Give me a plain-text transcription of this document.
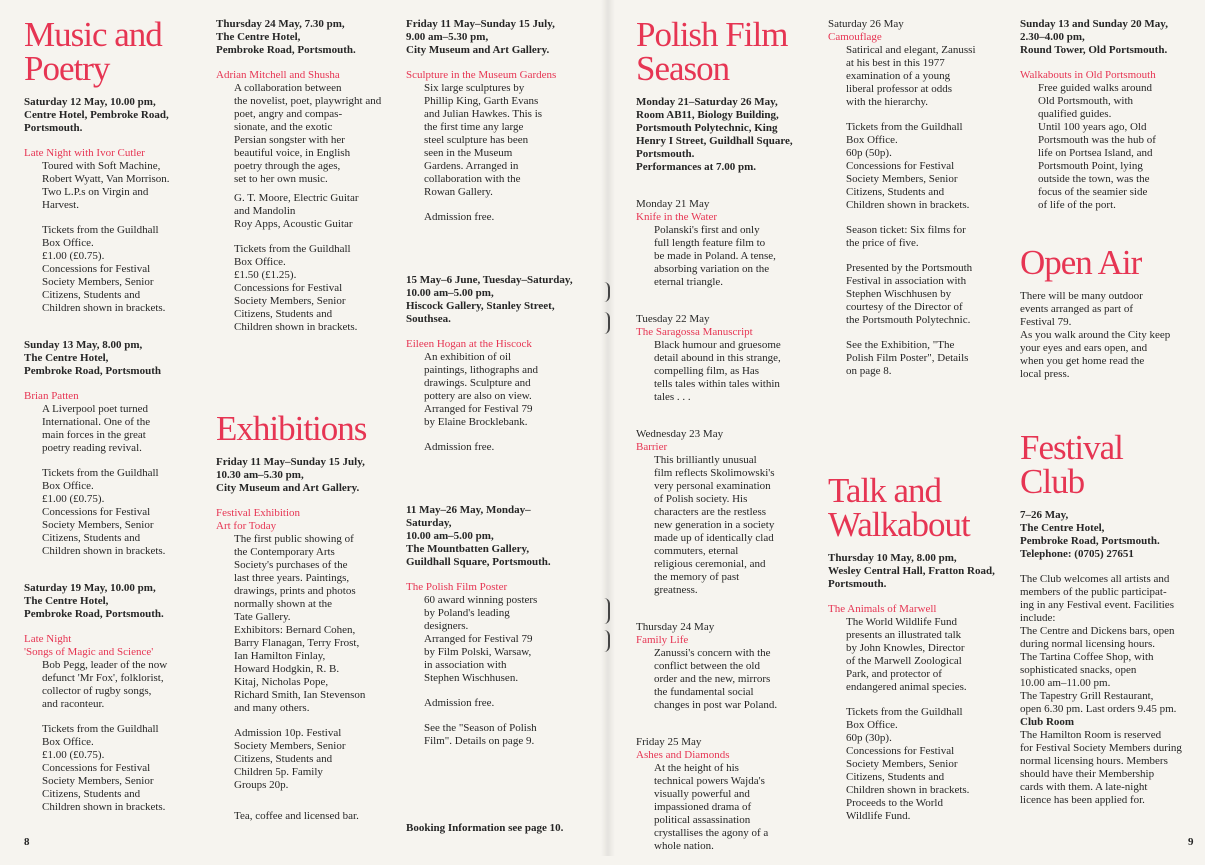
Music and
Poetry

Saturday 12 May, 10.00 pm,
Centre Hotel, Pembroke Road,
Portsmouth.

Late Night with Ivor Cutler

Toured with Soft Machine,
Robert Wyatt, Van Morrison.
Two L.P.s on Virgin and
Harvest.

Tickets from the Guildhall
Box Office.
£1.00 (£0.75).
Concessions for Festival
Society Members, Senior
Citizens, Students and
Children shown in brackets.

Sunday 13 May, 8.00 pm,
The Centre Hotel,
Pembroke Road, Portsmouth

Brian Patten

A Liverpool poet turned
International. One of the
main forces in the great
poetry reading revival.

Tickets from the Guildhall
Box Office.
£1.00 (£0.75).
Concessions for Festival
Society Members, Senior
Citizens, Students and
Children shown in brackets.

Saturday 19 May, 10.00 pm,
The Centre Hotel,
Pembroke Road, Portsmouth.

Late Night
'Songs of Magic and Science'

Bob Pegg, leader of the now
defunct 'Mr Fox', folklorist,
collector of rugby songs,
and raconteur.

Tickets from the Guildhall
Box Office.
£1.00 (£0.75).
Concessions for Festival
Society Members, Senior
Citizens, Students and
Children shown in brackets.

Thursday 24 May, 7.30 pm,
The Centre Hotel,
Pembroke Road, Portsmouth.

Adrian Mitchell and Shusha

A collaboration between
the novelist, poet, playwright and
poet, angry and compas-
sionate, and the exotic
Persian songster with her
beautiful voice, in English
poetry through the ages,
set to her own music.

G. T. Moore, Electric Guitar
and Mandolin
Roy Apps, Acoustic Guitar

Tickets from the Guildhall
Box Office.
£1.50 (£1.25).
Concessions for Festival
Society Members, Senior
Citizens, Students and
Children shown in brackets.

Exhibitions

Friday 11 May–Sunday 15 July,
10.30 am–5.30 pm,
City Museum and Art Gallery.

Festival Exhibition
Art for Today

The first public showing of
the Contemporary Arts
Society's purchases of the
last three years. Paintings,
drawings, prints and photos
normally shown at the
Tate Gallery.
Exhibitors: Bernard Cohen,
Barry Flanagan, Terry Frost,
Ian Hamilton Finlay,
Howard Hodgkin, R. B.
Kitaj, Nicholas Pope,
Richard Smith, Ian Stevenson
and many others.

Admission 10p. Festival
Society Members, Senior
Citizens, Students and
Children 5p. Family
Groups 20p.

Tea, coffee and licensed bar.

Friday 11 May–Sunday 15 July,
9.00 am–5.30 pm,
City Museum and Art Gallery.

Sculpture in the Museum Gardens

Six large sculptures by
Phillip King, Garth Evans
and Julian Hawkes. This is
the first time any large
steel sculpture has been
seen in the Museum
Gardens. Arranged in
collaboration with the
Rowan Gallery.

Admission free.

15 May–6 June, Tuesday–Saturday,
10.00 am–5.00 pm,
Hiscock Gallery, Stanley Street,
Southsea.

Eileen Hogan at the Hiscock

An exhibition of oil
paintings, lithographs and
drawings. Sculpture and
pottery are also on view.
Arranged for Festival 79
by Elaine Brocklebank.

Admission free.

11 May–26 May, Monday–
Saturday,
10.00 am–5.00 pm,
The Mountbatten Gallery,
Guildhall Square, Portsmouth.

The Polish Film Poster

60 award winning posters
by Poland's leading
designers.
Arranged for Festival 79
by Film Polski, Warsaw,
in association with
Stephen Wischhusen.

Admission free.

See the "Season of Polish
Film". Details on page 9.

Booking Information see page 10.

Polish Film
Season

Monday 21–Saturday 26 May,
Room AB11, Biology Building,
Portsmouth Polytechnic, King
Henry I Street, Guildhall Square,
Portsmouth.
Performances at 7.00 pm.

Monday 21 May

Knife in the Water

Polanski's first and only
full length feature film to
be made in Poland. A tense,
absorbing variation on the
eternal triangle.

Tuesday 22 May

The Saragossa Manuscript

Black humour and gruesome
detail abound in this strange,
compelling film, as Has
tells tales within tales within
tales . . .

Wednesday 23 May

Barrier

This brilliantly unusual
film reflects Skolimowski's
very personal examination
of Polish society. His
characters are the restless
new generation in a society
made up of identically clad
commuters, eternal
religious ceremonial, and
the memory of past
greatness.

Thursday 24 May

Family Life

Zanussi's concern with the
conflict between the old
order and the new, mirrors
the fundamental social
changes in post war Poland.

Friday 25 May

Ashes and Diamonds

At the height of his
technical powers Wajda's
visually powerful and
impassioned drama of
political assassination
crystallises the agony of a
whole nation.

Saturday 26 May

Camouflage

Satirical and elegant, Zanussi
at his best in this 1977
examination of a young
liberal professor at odds
with the hierarchy.

Tickets from the Guildhall
Box Office.
60p (50p).
Concessions for Festival
Society Members, Senior
Citizens, Students and
Children shown in brackets.

Season ticket: Six films for
the price of five.

Presented by the Portsmouth
Festival in association with
Stephen Wischhusen by
courtesy of the Director of
the Portsmouth Polytechnic.

See the Exhibition, "The
Polish Film Poster", Details
on page 8.

Talk and
Walkabout

Thursday 10 May, 8.00 pm,
Wesley Central Hall, Fratton Road,
Portsmouth.

The Animals of Marwell

The World Wildlife Fund
presents an illustrated talk
by John Knowles, Director
of the Marwell Zoological
Park, and protector of
endangered animal species.

Tickets from the Guildhall
Box Office.
60p (30p).
Concessions for Festival
Society Members, Senior
Citizens, Students and
Children shown in brackets.
Proceeds to the World
Wildlife Fund.

Sunday 13 and Sunday 20 May,
2.30–4.00 pm,
Round Tower, Old Portsmouth.

Walkabouts in Old Portsmouth

Free guided walks around
Old Portsmouth, with
qualified guides.
Until 100 years ago, Old
Portsmouth was the hub of
life on Portsea Island, and
Portsmouth Point, lying
outside the town, was the
focus of the seamier side
of life of the port.

Open Air

There will be many outdoor
events arranged as part of
Festival 79.
As you walk around the City keep
your eyes and ears open, and
when you get home read the
local press.

Festival
Club

7–26 May,
The Centre Hotel,
Pembroke Road, Portsmouth.
Telephone: (0705) 27651

The Club welcomes all artists and
members of the public participat-
ing in any Festival event. Facilities
include:
The Centre and Dickens bars, open
during normal licensing hours.
The Tartina Coffee Shop, with
sophisticated snacks, open
10.00 am–11.00 pm.
The Tapestry Grill Restaurant,
open 6.30 pm. Last orders 9.45 pm.

Club Room

The Hamilton Room is reserved
for Festival Society Members during
normal licensing hours. Members
should have their Membership
cards with them. A late-night
licence has been applied for.

8	9
